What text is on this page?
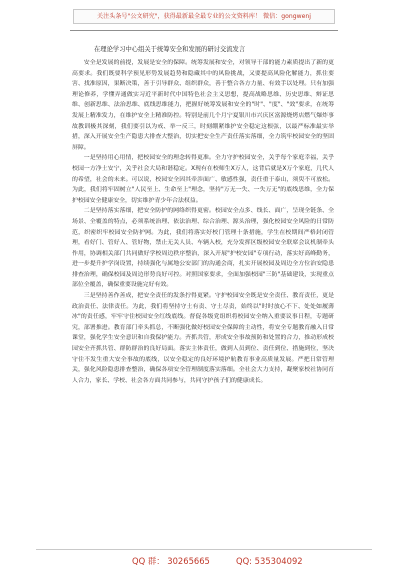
关注头条号"公文研究"，获得最新最全最专业的公文资料库！ 微信：gongwenj
在理论学习中心组关于统筹安全和发展的研讨交流发言

安全是发展的前提，发展是安全的保障。统筹发展和安全，对领导干部的能力素质提出了新的更高要求。我们既要科学预见形势发展趋势和隐藏其中的风险挑战，又要提高风险化解能力，抓住要害、找准原因，果断决策，善于引导群众、组织群众，善于整合各方力量、有效手以处理。只有加强理论修养，学懂弄通做实习近平新时代中国特色社会主义思想，提高战略思维、历史思维、辩证思维、创新思维、法治思维、底线思维能力，把握好统筹发展和安全的"时"、"度"、"效"要求，在统筹发展上精准发力，在维护安全上精准防控。特别是前几个月宁夏银川市兴庆区富源烧烤店燃气爆炸事故教训极其深刻，我们要引以为戒、举一反三，时刻绷紧维护安全稳定这根弦，以最严标准最实举措，深入开展安全生产隐患大排查大整治，切实把安全生产责任落实落细，全力筑牢校园安全的坚固屏障。

一是坚持用心用情，把校园安全的理念转得更准。全力守护校园安全，关乎每个家庭幸福，关乎校园一方净土安宁，关乎社会大局和谐稳定。X现有在校师生X万人，这背后就是X万个家庭，几代人的希望，社会的未来。可以说，校园安全因其牵涉面广、敏感性强，责任重于泰山，须臾不可放松。为此，我们将牢固树立"人民至上、生命至上"理念，坚持"万无一失、一失万无"的底线思维，全力保护校园安全健康安全，切实维护青少年合法权益。

二是坚持落实落细，把安全防护的网络织得更密。校园安全点多、线长、面广，呈现全链条、全场景、全覆盖的特点，必须系统治理、依法治理、综合治理、源头治理，强化校园安全风险的日常防范，织密织牢校园安全防护网。为此，我们将落实好校门管理十条措施，学生在校期间严格封闭管理，看好门、管好人、管好物，禁止无关人员、车辆入校，充分发挥区级校园安全联席会议机制牵头作用，协调相关部门共同做好学校周边秩序整治，深入开展"护校安园"专项行动，落实好高峰勤务，进一步提升护学岗设置，持续强化与属地公安部门的沟通会商，扎实开展校园及周边全方位治安隐患排查治理，确保校园及周边形势良好可控。对照国家要求，全面加强校园"三防"基础建设，实现重点部位全覆盖，确保重要设施完好有效。

三是坚持善作善成，把安全责任的发条拧得更紧。守护校园安全既是安全责任、教育责任，更是政治责任、法律责任。为此，我们将坚持守土有责、守土尽责，始终以"时时放心不下、处处如履薄冰"的责任感，牢牢守住校园安全红线底线。督促各级党组织将校园安全纳入重要议事日程，专题研究，部署推进。教育部门牵头抓总，不断强化做好校园安全保障的主动性，将安全专题教育融入日常课堂，强化学生安全意识和自我保护能力。齐抓共管，形成安全事故预防和处置的合力，推动形成校园安全齐抓共管、群防群治的良好局面。落实主体责任，做到人员到位、责任到位、措施到位，坚决守住不发生重大安全事故的底线，以安全稳定的良好环境护航教育事业高质量发展。严把日常管理关，强化风险隐患排查整治，确保各项安全管理制度落实落细。全社会大力支持，凝聚家校社协同育人合力，家长、学校、社会各方面共同参与，共同守护孩子们的健康成长。

QQ 群： 30265665	QQ: 535304092
